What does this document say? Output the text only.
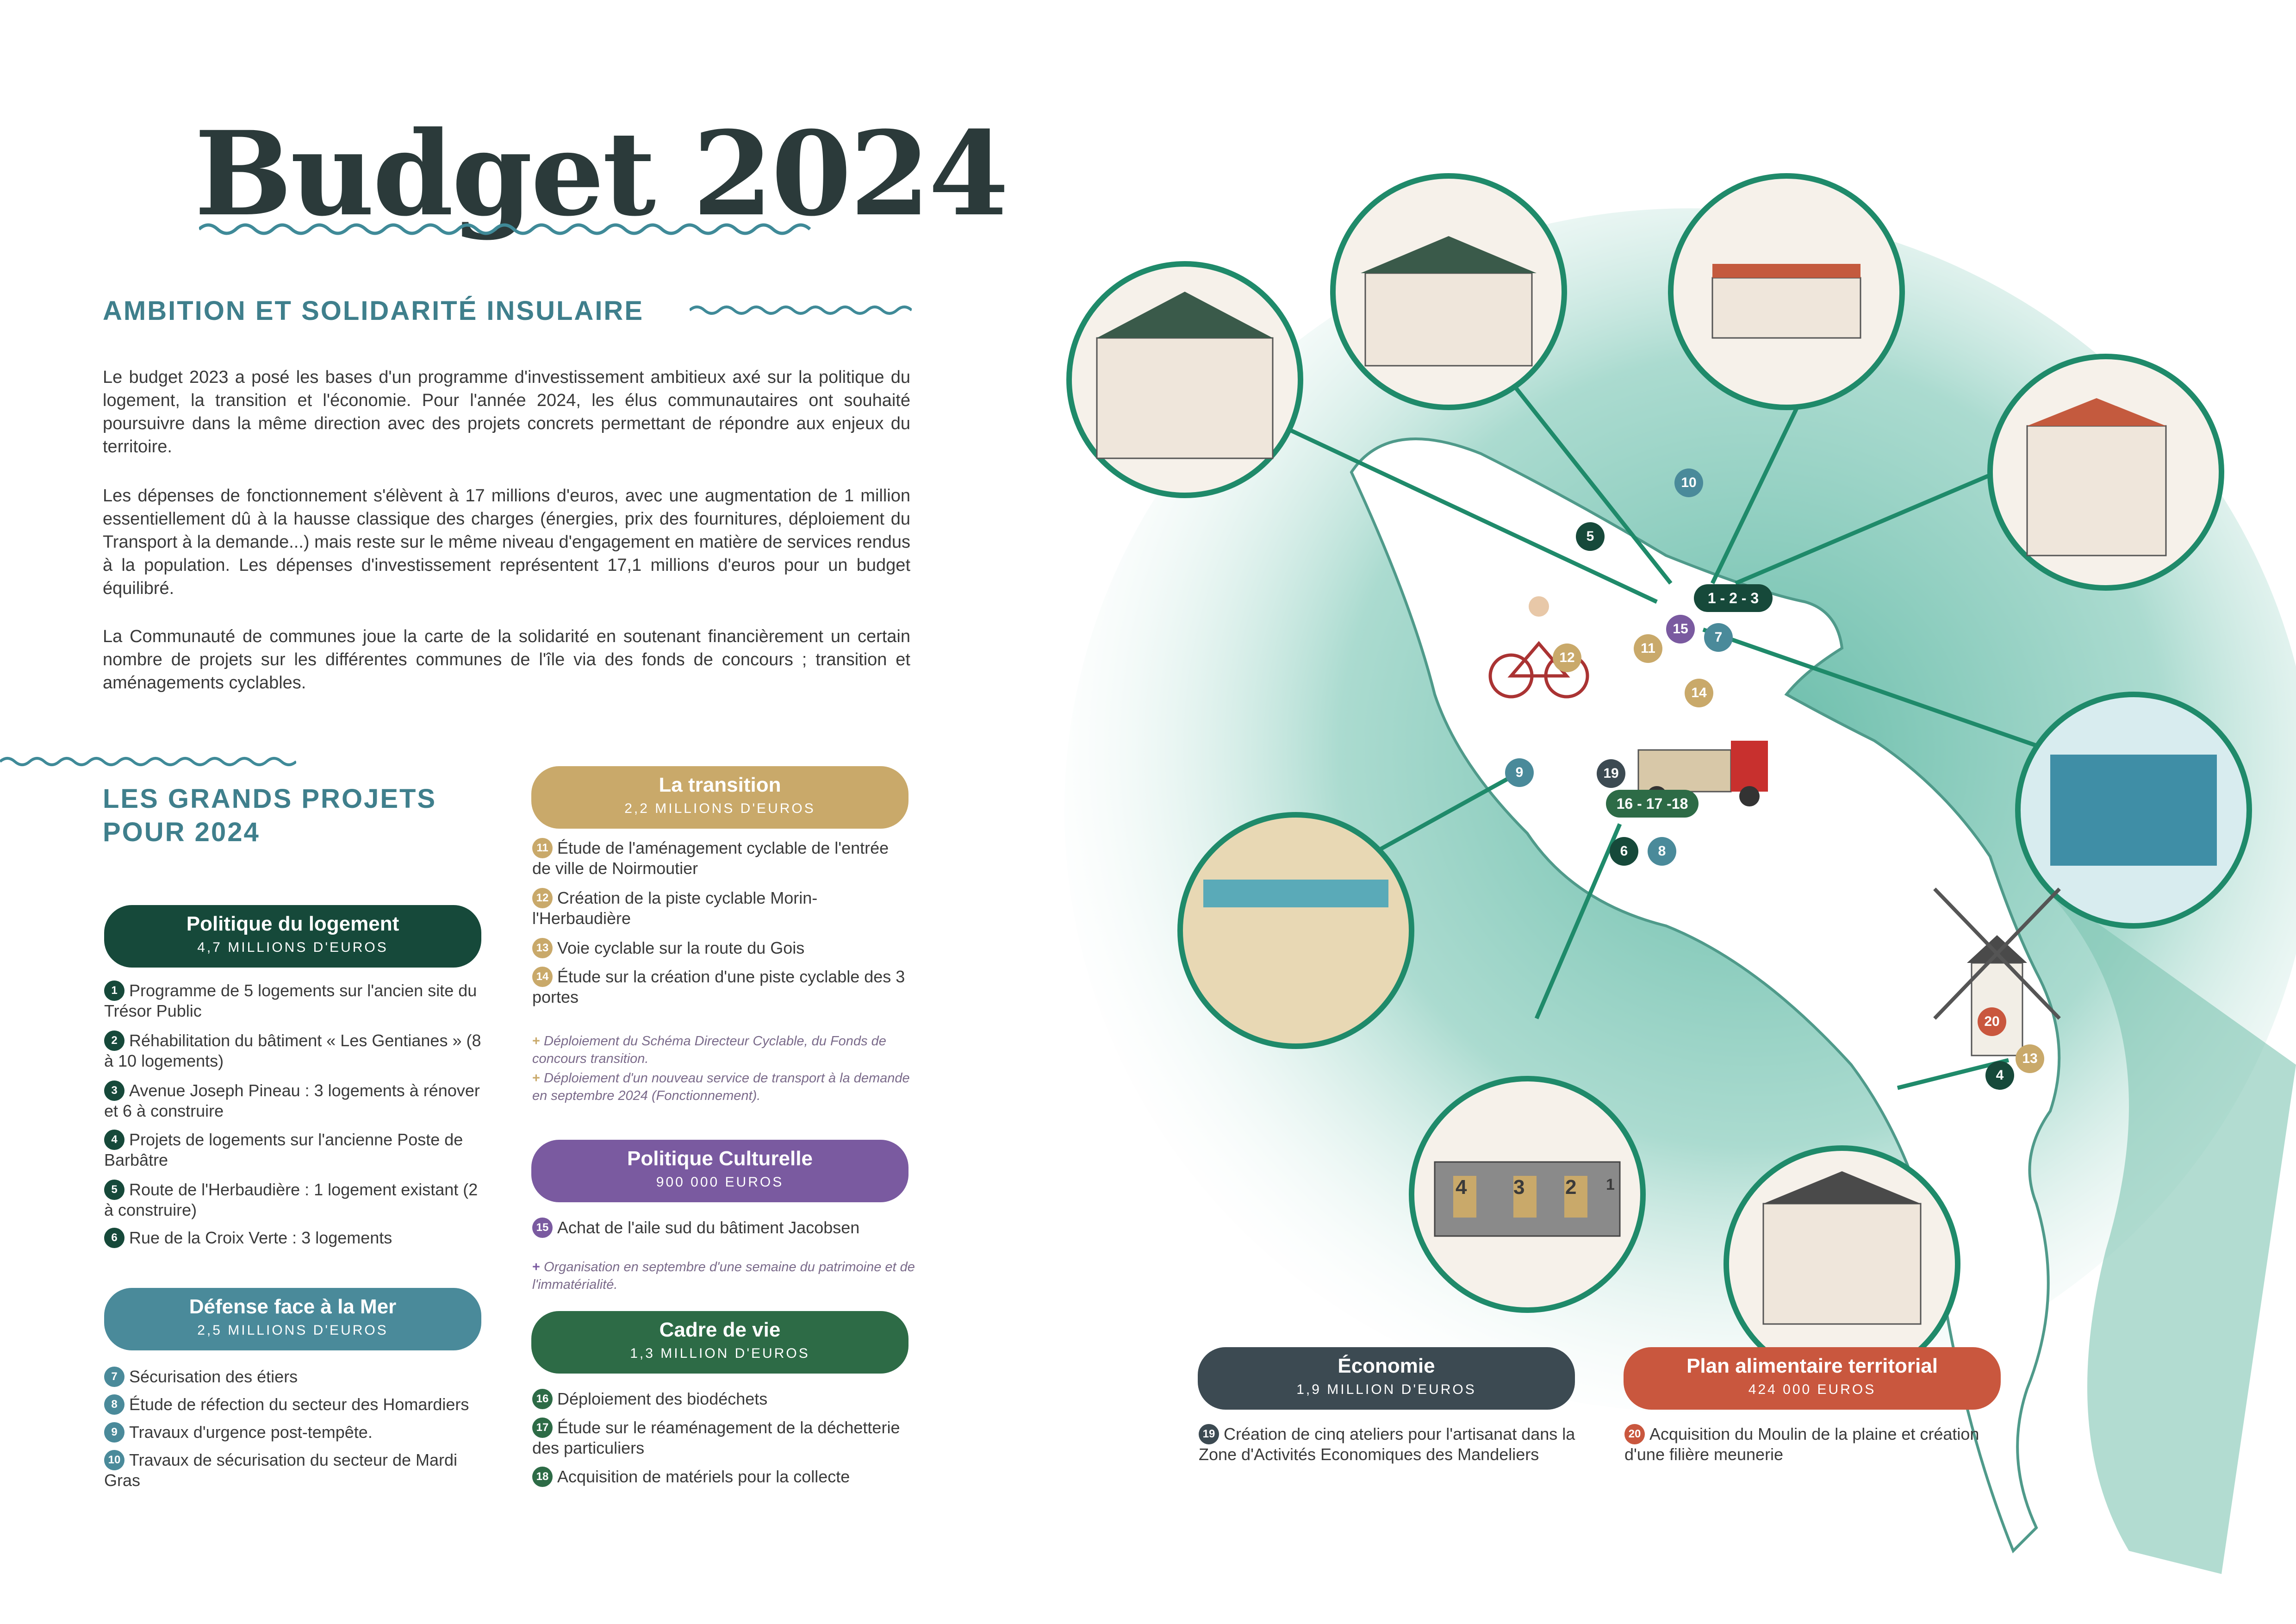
Budget 2024
AMBITION ET SOLIDARITÉ INSULAIRE

Le budget 2023 a posé les bases d'un programme d'investissement ambitieux axé sur la politique du logement, la transition et l'économie. Pour l'année 2024, les élus communautaires ont souhaité poursuivre dans la même direction avec des projets concrets permettant de répondre aux enjeux du territoire.

Les dépenses de fonctionnement s'élèvent à 17 millions d'euros, avec une augmentation de 1 million essentiellement dû à la hausse classique des charges (énergies, prix des fournitures, déploiement du Transport à la demande...) mais reste sur le même niveau d'engagement en matière de services rendus à la population. Les dépenses d'investissement représentent 17,1 millions d'euros pour un budget équilibré.

La Communauté de communes joue la carte de la solidarité en soutenant financièrement un certain nombre de projets sur les différentes communes de l'île via des fonds de concours ; transition et aménagements cyclables.

LES GRANDS PROJETS POUR 2024
Politique du logement
4,7 MILLIONS D'EUROS
1 Programme de 5 logements sur l'ancien site du Trésor Public
2 Réhabilitation du bâtiment « Les Gentianes » (8 à 10 logements)
3 Avenue Joseph Pineau : 3 logements à rénover et 6 à construire
4 Projets de logements sur l'ancienne Poste de Barbâtre
5 Route de l'Herbaudière : 1 logement existant (2 à construire)
6 Rue de la Croix Verte : 3 logements
Défense face à la Mer
2,5 MILLIONS D'EUROS
7 Sécurisation des étiers
8 Étude de réfection du secteur des Homardiers
9 Travaux d'urgence post-tempête.
10 Travaux de sécurisation du secteur de Mardi Gras
La transition
2,2 MILLIONS D'EUROS
11 Étude de l'aménagement cyclable de l'entrée de ville de Noirmoutier
12 Création de la piste cyclable Morin-l'Herbaudière
13 Voie cyclable sur la route du Gois
14 Étude sur la création d'une piste cyclable des 3 portes
+ Déploiement du Schéma Directeur Cyclable, du Fonds de concours transition.
+ Déploiement d'un nouveau service de transport à la demande en septembre 2024 (Fonctionnement).
Politique Culturelle
900 000 EUROS
15 Achat de l'aile sud du bâtiment Jacobsen
+ Organisation en septembre d'une semaine du patrimoine et de l'immatérialité.
Cadre de vie
1,3 MILLION D'EUROS
16 Déploiement des biodéchets
17 Étude sur le réaménagement de la déchetterie des particuliers
18 Acquisition de matériels pour la collecte
4 3 2 1
5
10
1 - 2 - 3
15
7
11
12
14
9	19
16 - 17 -18
6	8
20
13
4
Économie
1,9 MILLION D'EUROS
19 Création de cinq ateliers pour l'artisanat dans la Zone d'Activités Economiques des Mandeliers
Plan alimentaire territorial
424 000 EUROS
20 Acquisition du Moulin de la plaine et création d'une filière meunerie
